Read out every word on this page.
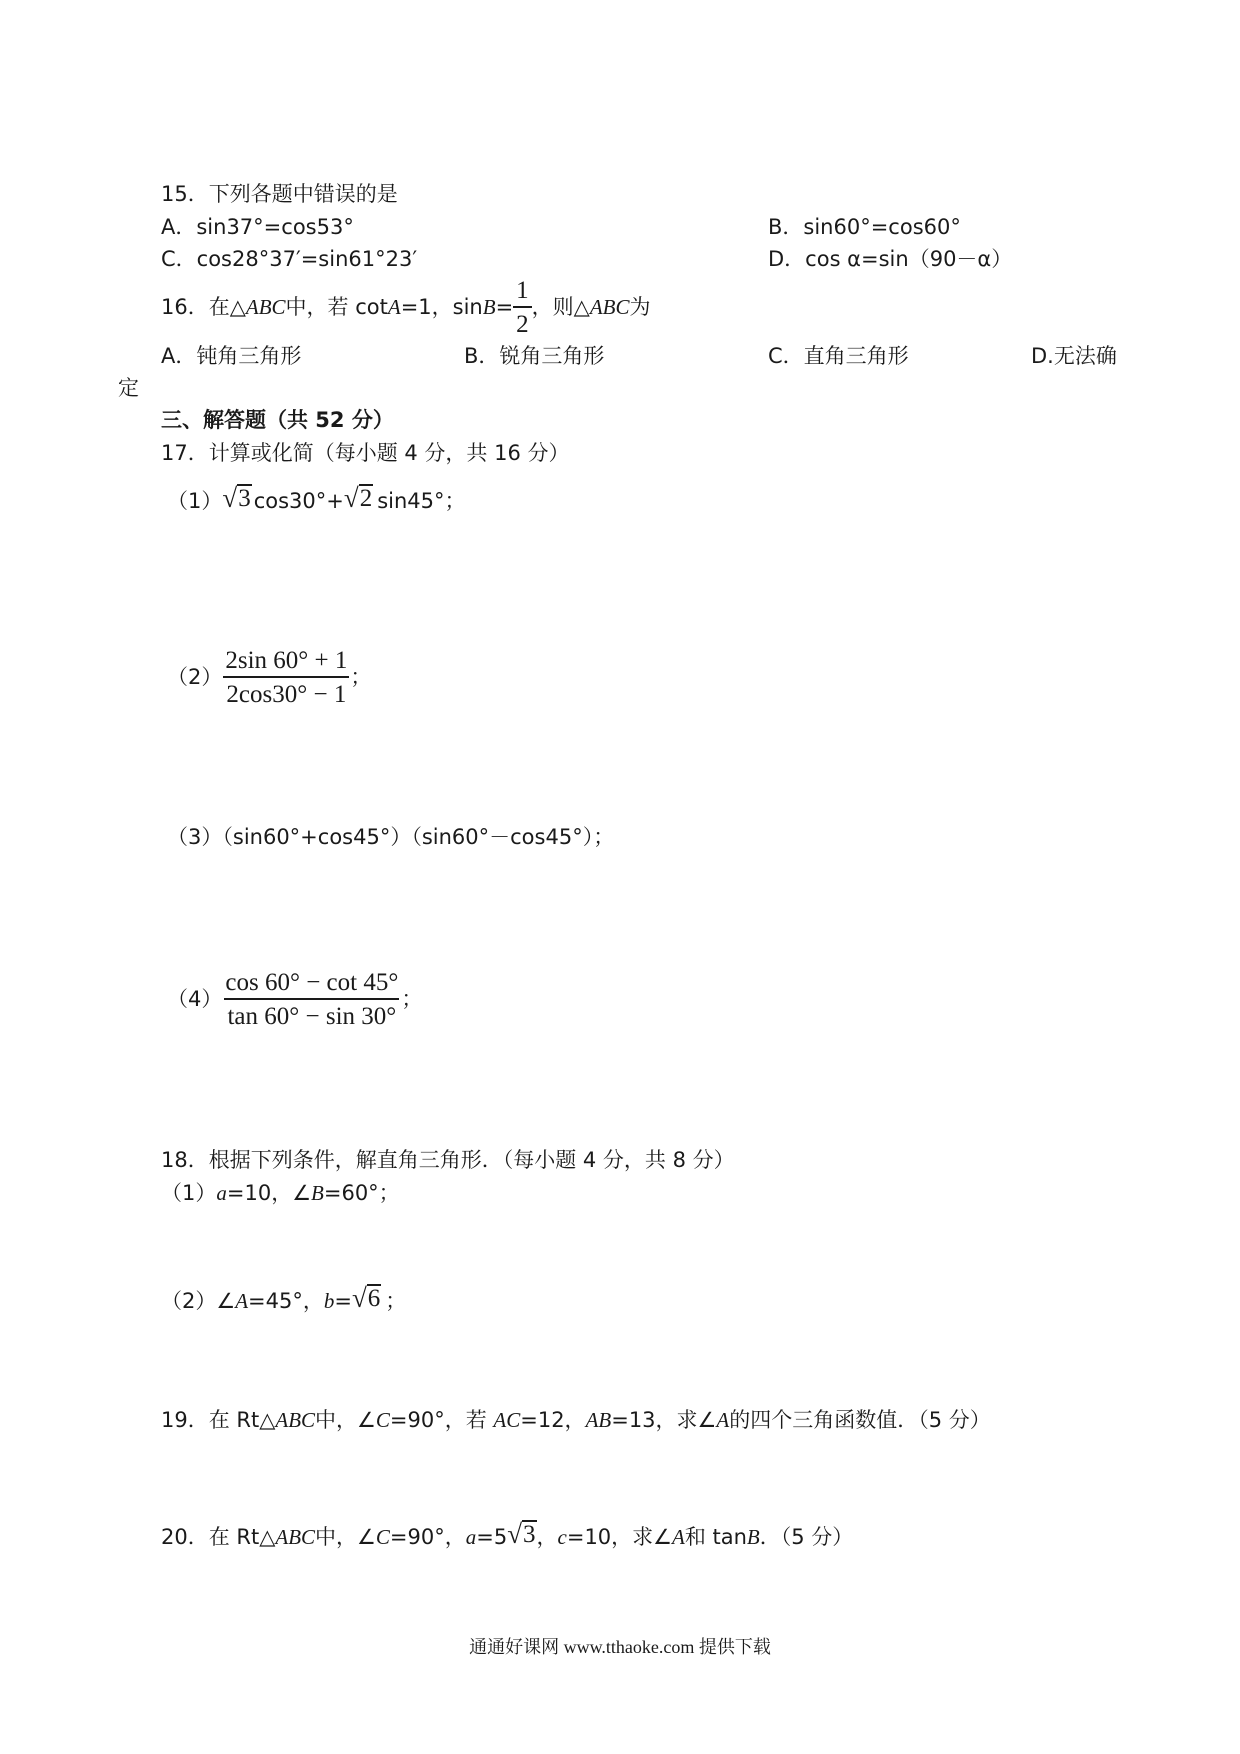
15．下列各题中错误的是
A．sin37°=cos53°	B．sin60°=cos60°
C．cos28°37′=sin61°23′	D．cos α=sin（90－α）
16．在△ ABC 中，若 cot A =1，$\sin B = \frac{1}{2}$ ，则△ ABC 为
A．钝角三角形	B．锐角三角形	C．直角三角形	D.无法确
定
三、解答题（共 52 分）
17．计算或化简（每小题 4 分，共 16 分）
（1） √ 3 cos30°+ √ 2 sin45°；
$(2) \frac{2\sin 60^\circ + 1}{2\cos 30^\circ - 1}$ ；
（3）（sin60°+cos45°）（sin60°－cos45°）；
$(4) \frac{\cos 60^\circ - \cot 45^\circ}{\tan 60^\circ - \sin 30^\circ}$ ；
18．根据下列条件，解直角三角形．（每小题 4 分，共 8 分）
（1）a=10，∠B=60°；
（2）∠ A =45°， b = √ 6 ；
19．在 Rt△ABC中，∠C=90°，若 AC=12，AB=13，求∠A的四个三角函数值．（5 分）
20．在 Rt△ ABC 中，∠ C =90°， a =5 √ 3 ， c =10，求∠ A 和 tan B ．（5 分）
通通好课网 www.tthaoke.com 提供下载
